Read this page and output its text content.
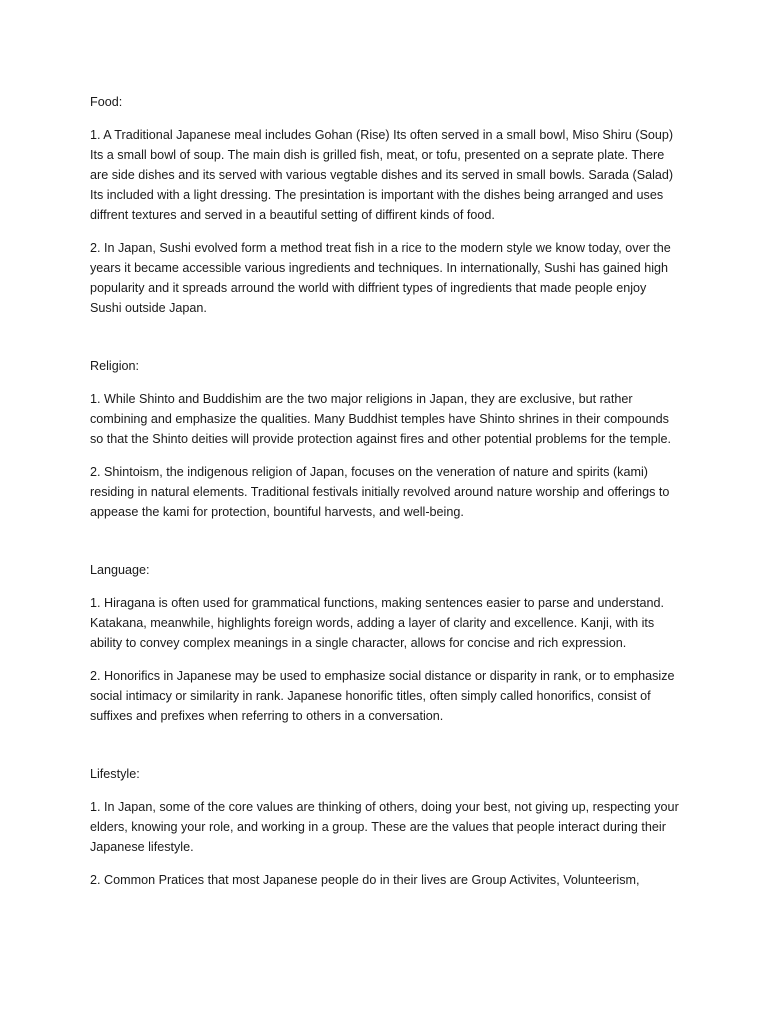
Food:

1. A Traditional Japanese meal includes Gohan (Rise) Its often served in a small bowl, Miso Shiru (Soup) Its a small bowl of soup. The main dish is grilled fish, meat, or tofu, presented on a seprate plate. There are side dishes and its served with various vegtable dishes and its served in small bowls. Sarada (Salad) Its included with a light dressing. The presintation is important with the dishes being arranged and uses diffrent textures and served in a beautiful setting of diffirent kinds of food.

2. In Japan, Sushi evolved form a method treat fish in a rice to the modern style we know today, over the years it became accessible various ingredients and techniques. In internationally, Sushi has gained high popularity and it spreads arround the world with diffrient types of ingredients that made people enjoy Sushi outside Japan.

Religion:

1. While Shinto and Buddishim are the two major religions in Japan, they are exclusive, but rather combining and emphasize the qualities. Many Buddhist temples have Shinto shrines in their compounds so that the Shinto deities will provide protection against fires and other potential problems for the temple.

2. Shintoism, the indigenous religion of Japan, focuses on the veneration of nature and spirits (kami) residing in natural elements. Traditional festivals initially revolved around nature worship and offerings to appease the kami for protection, bountiful harvests, and well-being.

Language:

1. Hiragana is often used for grammatical functions, making sentences easier to parse and understand. Katakana, meanwhile, highlights foreign words, adding a layer of clarity and excellence. Kanji, with its ability to convey complex meanings in a single character, allows for concise and rich expression.

2. Honorifics in Japanese may be used to emphasize social distance or disparity in rank, or to emphasize social intimacy or similarity in rank. Japanese honorific titles, often simply called honorifics, consist of suffixes and prefixes when referring to others in a conversation.

Lifestyle:

1. In Japan, some of the core values are thinking of others, doing your best, not giving up, respecting your elders, knowing your role, and working in a group. These are the values that people interact during their Japanese lifestyle.

2. Common Pratices that most Japanese people do in their lives are Group Activites, Volunteerism,
